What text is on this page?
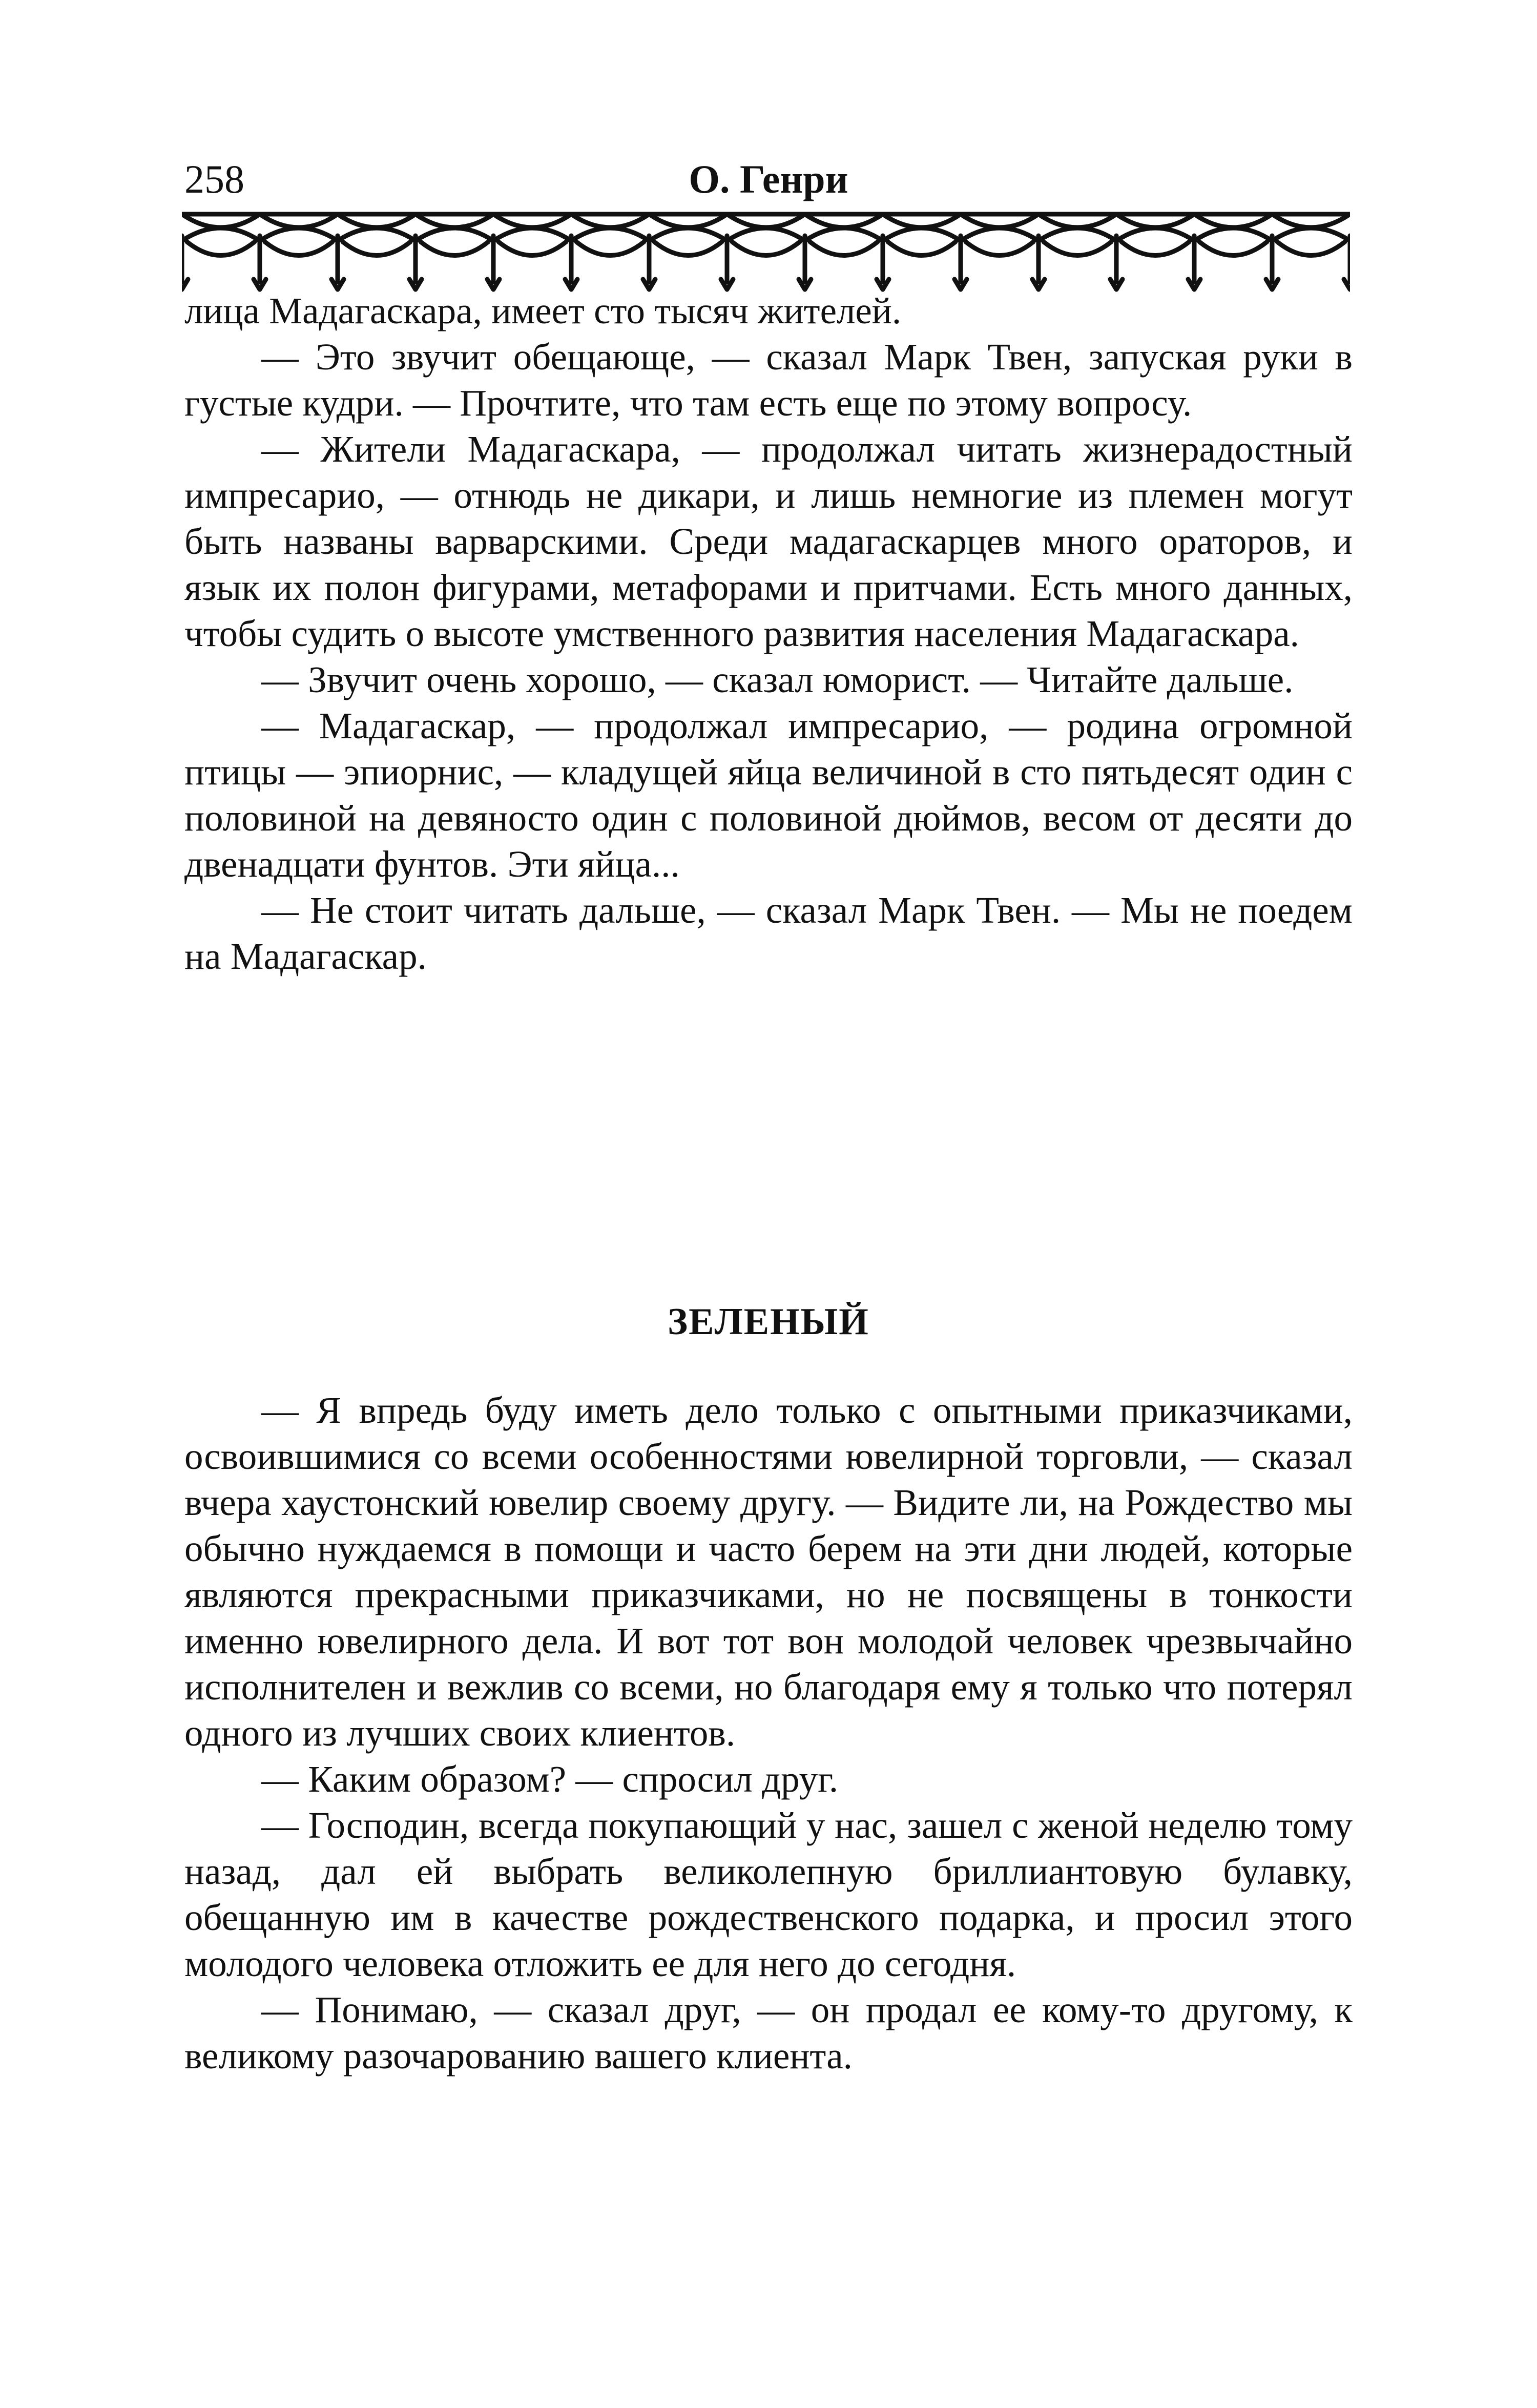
258	О. Генри

лица Мадагаскара, имеет сто тысяч жителей.

— Это звучит обещающе, — сказал Марк Твен, запуская руки в густые кудри. — Прочтите, что там есть еще по этому вопросу.

— Жители Мадагаскара, — продолжал читать жизнерадостный импресарио, — отнюдь не дикари, и лишь немногие из племен могут быть названы варварскими. Среди мадагаскарцев много ораторов, и язык их полон фигурами, метафорами и притчами. Есть много данных, чтобы судить о высоте умственного развития населения Мадагаскара.

— Звучит очень хорошо, — сказал юморист. — Читайте дальше.

— Мадагаскар, — продолжал импресарио, — родина огромной птицы — эпиорнис, — кладущей яйца величиной в сто пятьдесят один с половиной на девяносто один с половиной дюймов, весом от десяти до двенадцати фунтов. Эти яйца...

— Не стоит читать дальше, — сказал Марк Твен. — Мы не поедем на Мадагаскар.

ЗЕЛЕНЫЙ

— Я впредь буду иметь дело только с опытными приказчиками, освоившимися со всеми особенностями ювелирной торговли, — сказал вчера хаустонский ювелир своему другу. — Видите ли, на Рождество мы обычно нуждаемся в помощи и часто берем на эти дни людей, которые являются прекрасными приказчиками, но не посвящены в тонкости именно ювелирного дела. И вот тот вон молодой человек чрезвычайно исполнителен и вежлив со всеми, но благодаря ему я только что потерял одного из лучших своих клиентов.

— Каким образом? — спросил друг.

— Господин, всегда покупающий у нас, зашел с женой неделю тому назад, дал ей выбрать великолепную бриллиантовую булавку, обещанную им в качестве рождественского подарка, и просил этого молодого человека отложить ее для него до сегодня.

— Понимаю, — сказал друг, — он продал ее кому-то другому, к великому разочарованию вашего клиента.
